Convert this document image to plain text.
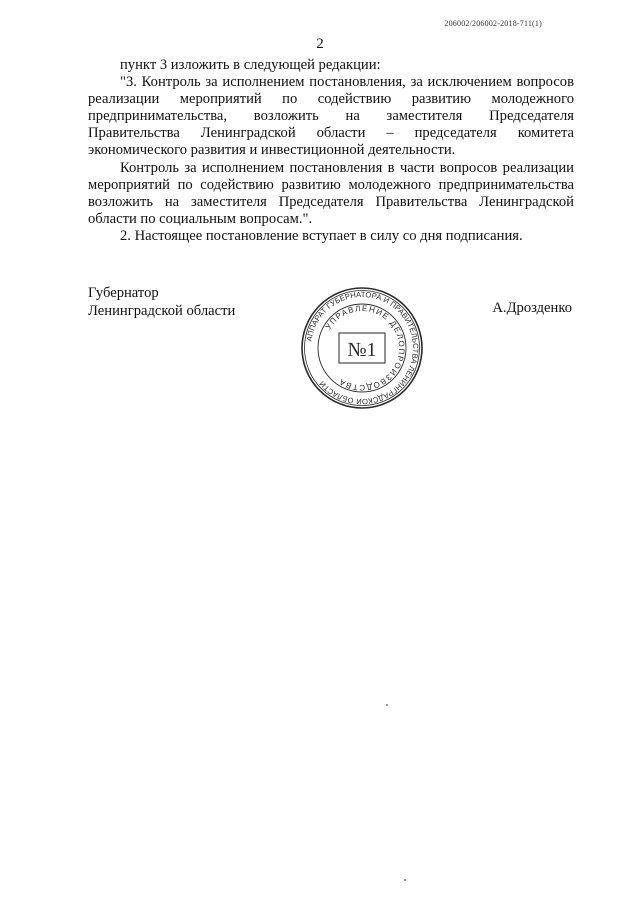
206002/206002-2018-711(1)
2

пункт 3 изложить в следующей редакции:

"3. Контроль за исполнением постановления, за исключением вопросов реализации мероприятий по содействию развитию молодежного предпринимательства, возложить на заместителя Председателя Правительства Ленинградской области – председателя комитета экономического развития и инвестиционной деятельности.

Контроль за исполнением постановления в части вопросов реализации мероприятий по содействию развитию молодежного предпринимательства возложить на заместителя Председателя Правительства Ленинградской области по социальным вопросам.".

2. Настоящее постановление вступает в силу со дня подписания.

Губернатор
Ленинградской области	А.Дрозденко
АППАРАТ ГУБЕРНАТОРА И ПРАВИТЕЛЬСТВА ЛЕНИНГРАДСКОЙ ОБЛАСТИ
УПРАВЛЕНИЕ ДЕЛОПРОИЗВОДСТВА
№1
